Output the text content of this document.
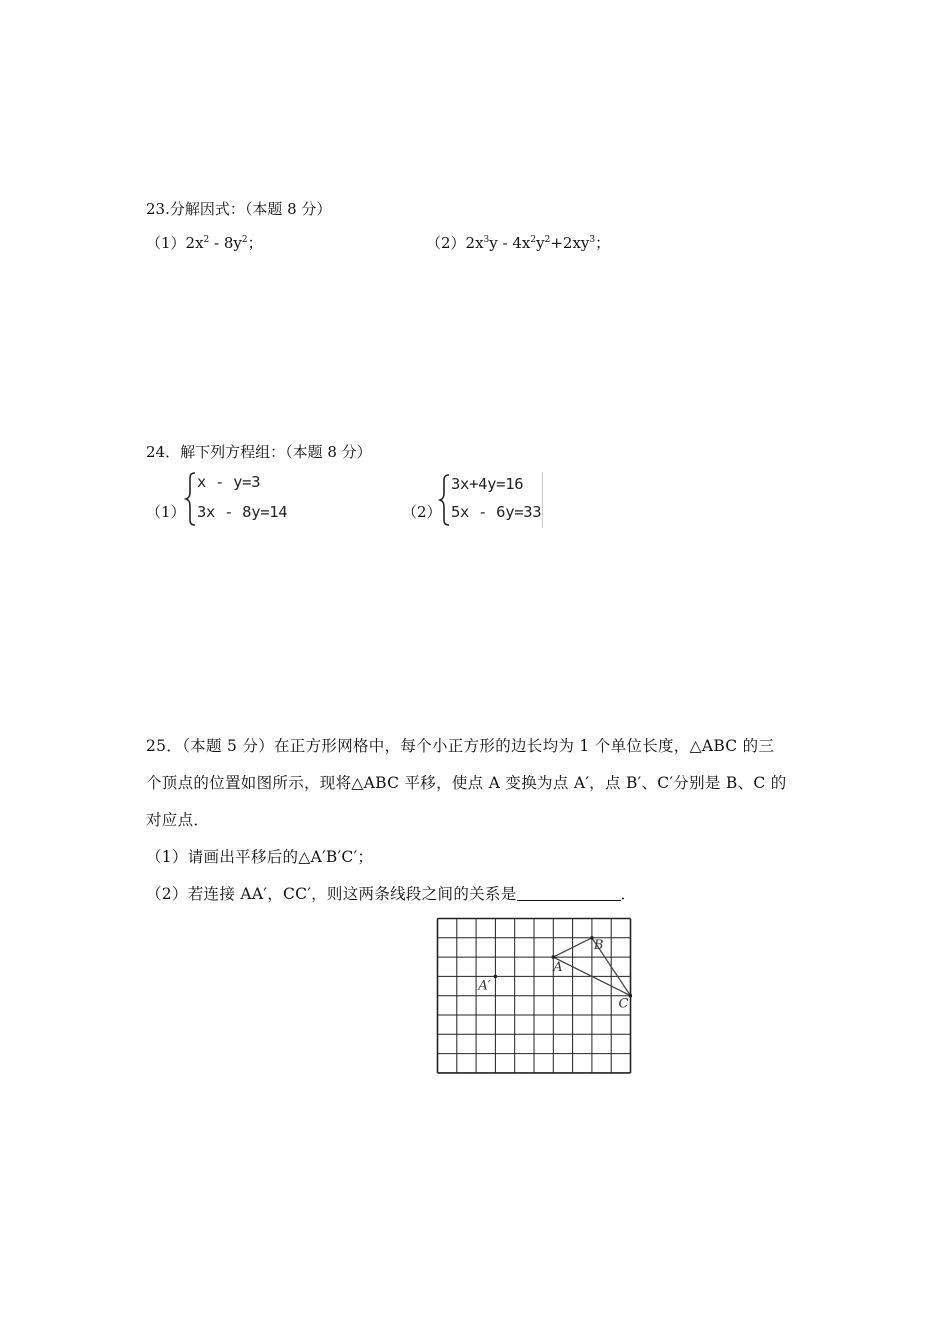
23.分解因式：（本题 8 分）
$(1)2x^2 - 8y^2$；	$(2)2x^3y - 4x^2y^2+2xy^3$；
24．解下列方程组：（本题 8 分）
（1）
x - y=3
3x - 8y=14	（2）
3x+4y=16
5x - 6y=33
25．（本题 5 分）在正方形网格中，每个小正方形的边长均为 1 个单位长度，△ABC 的三
个顶点的位置如图所示，现将△ABC 平移，使点 A 变换为点 A′，点 B′、C′分别是 B、C 的
对应点．
（1）请画出平移后的△A′B′C′；
（2）若连接 AA′，CC′，则这两条线段之间的关系是	．
B
A
C
A′
